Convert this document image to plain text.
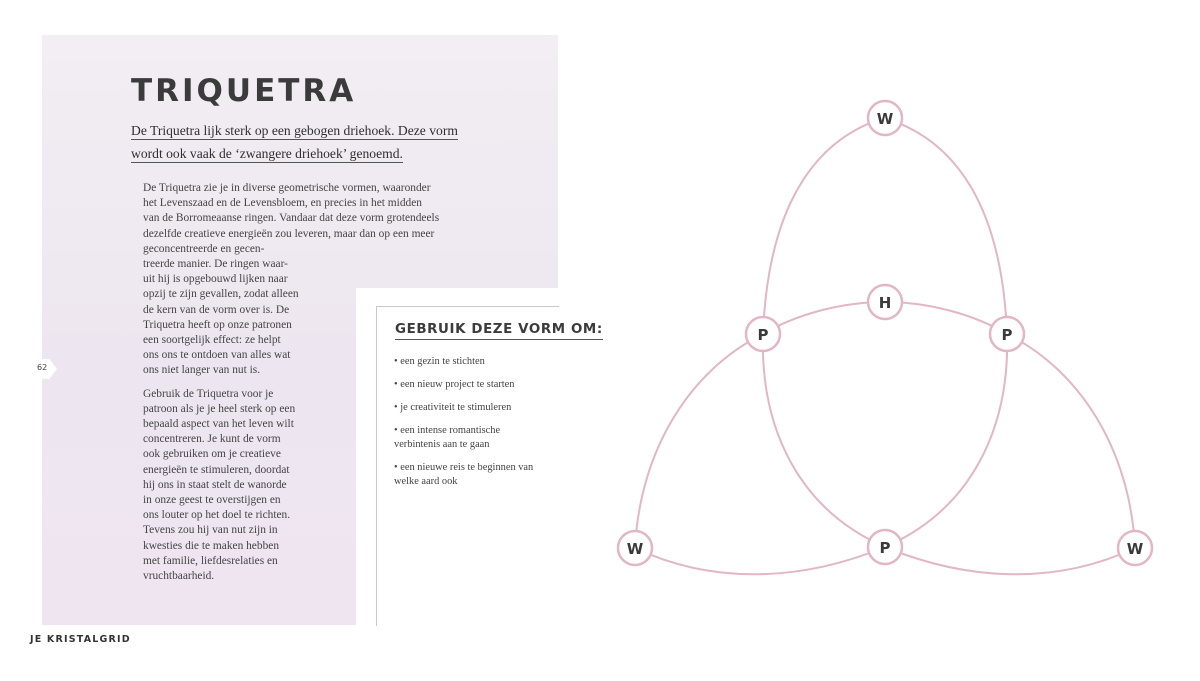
TRIQUETRA
De Triquetra lijk sterk op een gebogen driehoek. Deze vorm
wordt ook vaak de ‘zwangere driehoek’ genoemd.

De Triquetra zie je in diverse geometrische vormen, waaronder
het Levenszaad en de Levensbloem, en precies in het midden
van de Borromeaanse ringen. Vandaar dat deze vorm grotendeels
dezelfde creatieve energieën zou leveren, maar dan op een meer
geconcentreerde en gecen-
treerde manier. De ringen waar-
uit hij is opgebouwd lijken naar
opzij te zijn gevallen, zodat alleen
de kern van de vorm over is. De
Triquetra heeft op onze patronen
een soortgelijk effect: ze helpt
ons ons te ontdoen van alles wat
ons niet langer van nut is.

Gebruik de Triquetra voor je
patroon als je je heel sterk op een
bepaald aspect van het leven wilt
concentreren. Je kunt de vorm
ook gebruiken om je creatieve
energieën te stimuleren, doordat
hij ons in staat stelt de wanorde
in onze geest te overstijgen en
ons louter op het doel te richten.
Tevens zou hij van nut zijn in
kwesties die te maken hebben
met familie, liefdesrelaties en
vruchtbaarheid.

62
GEBRUIK DEZE VORM OM:
• een gezin te stichten
• een nieuw project te starten
• je creativiteit te stimuleren
• een intense romantische
verbintenis aan te gaan
• een nieuwe reis te beginnen van
welke aard ook
JE KRISTALGRID
W
H
P	P
P
W	W
